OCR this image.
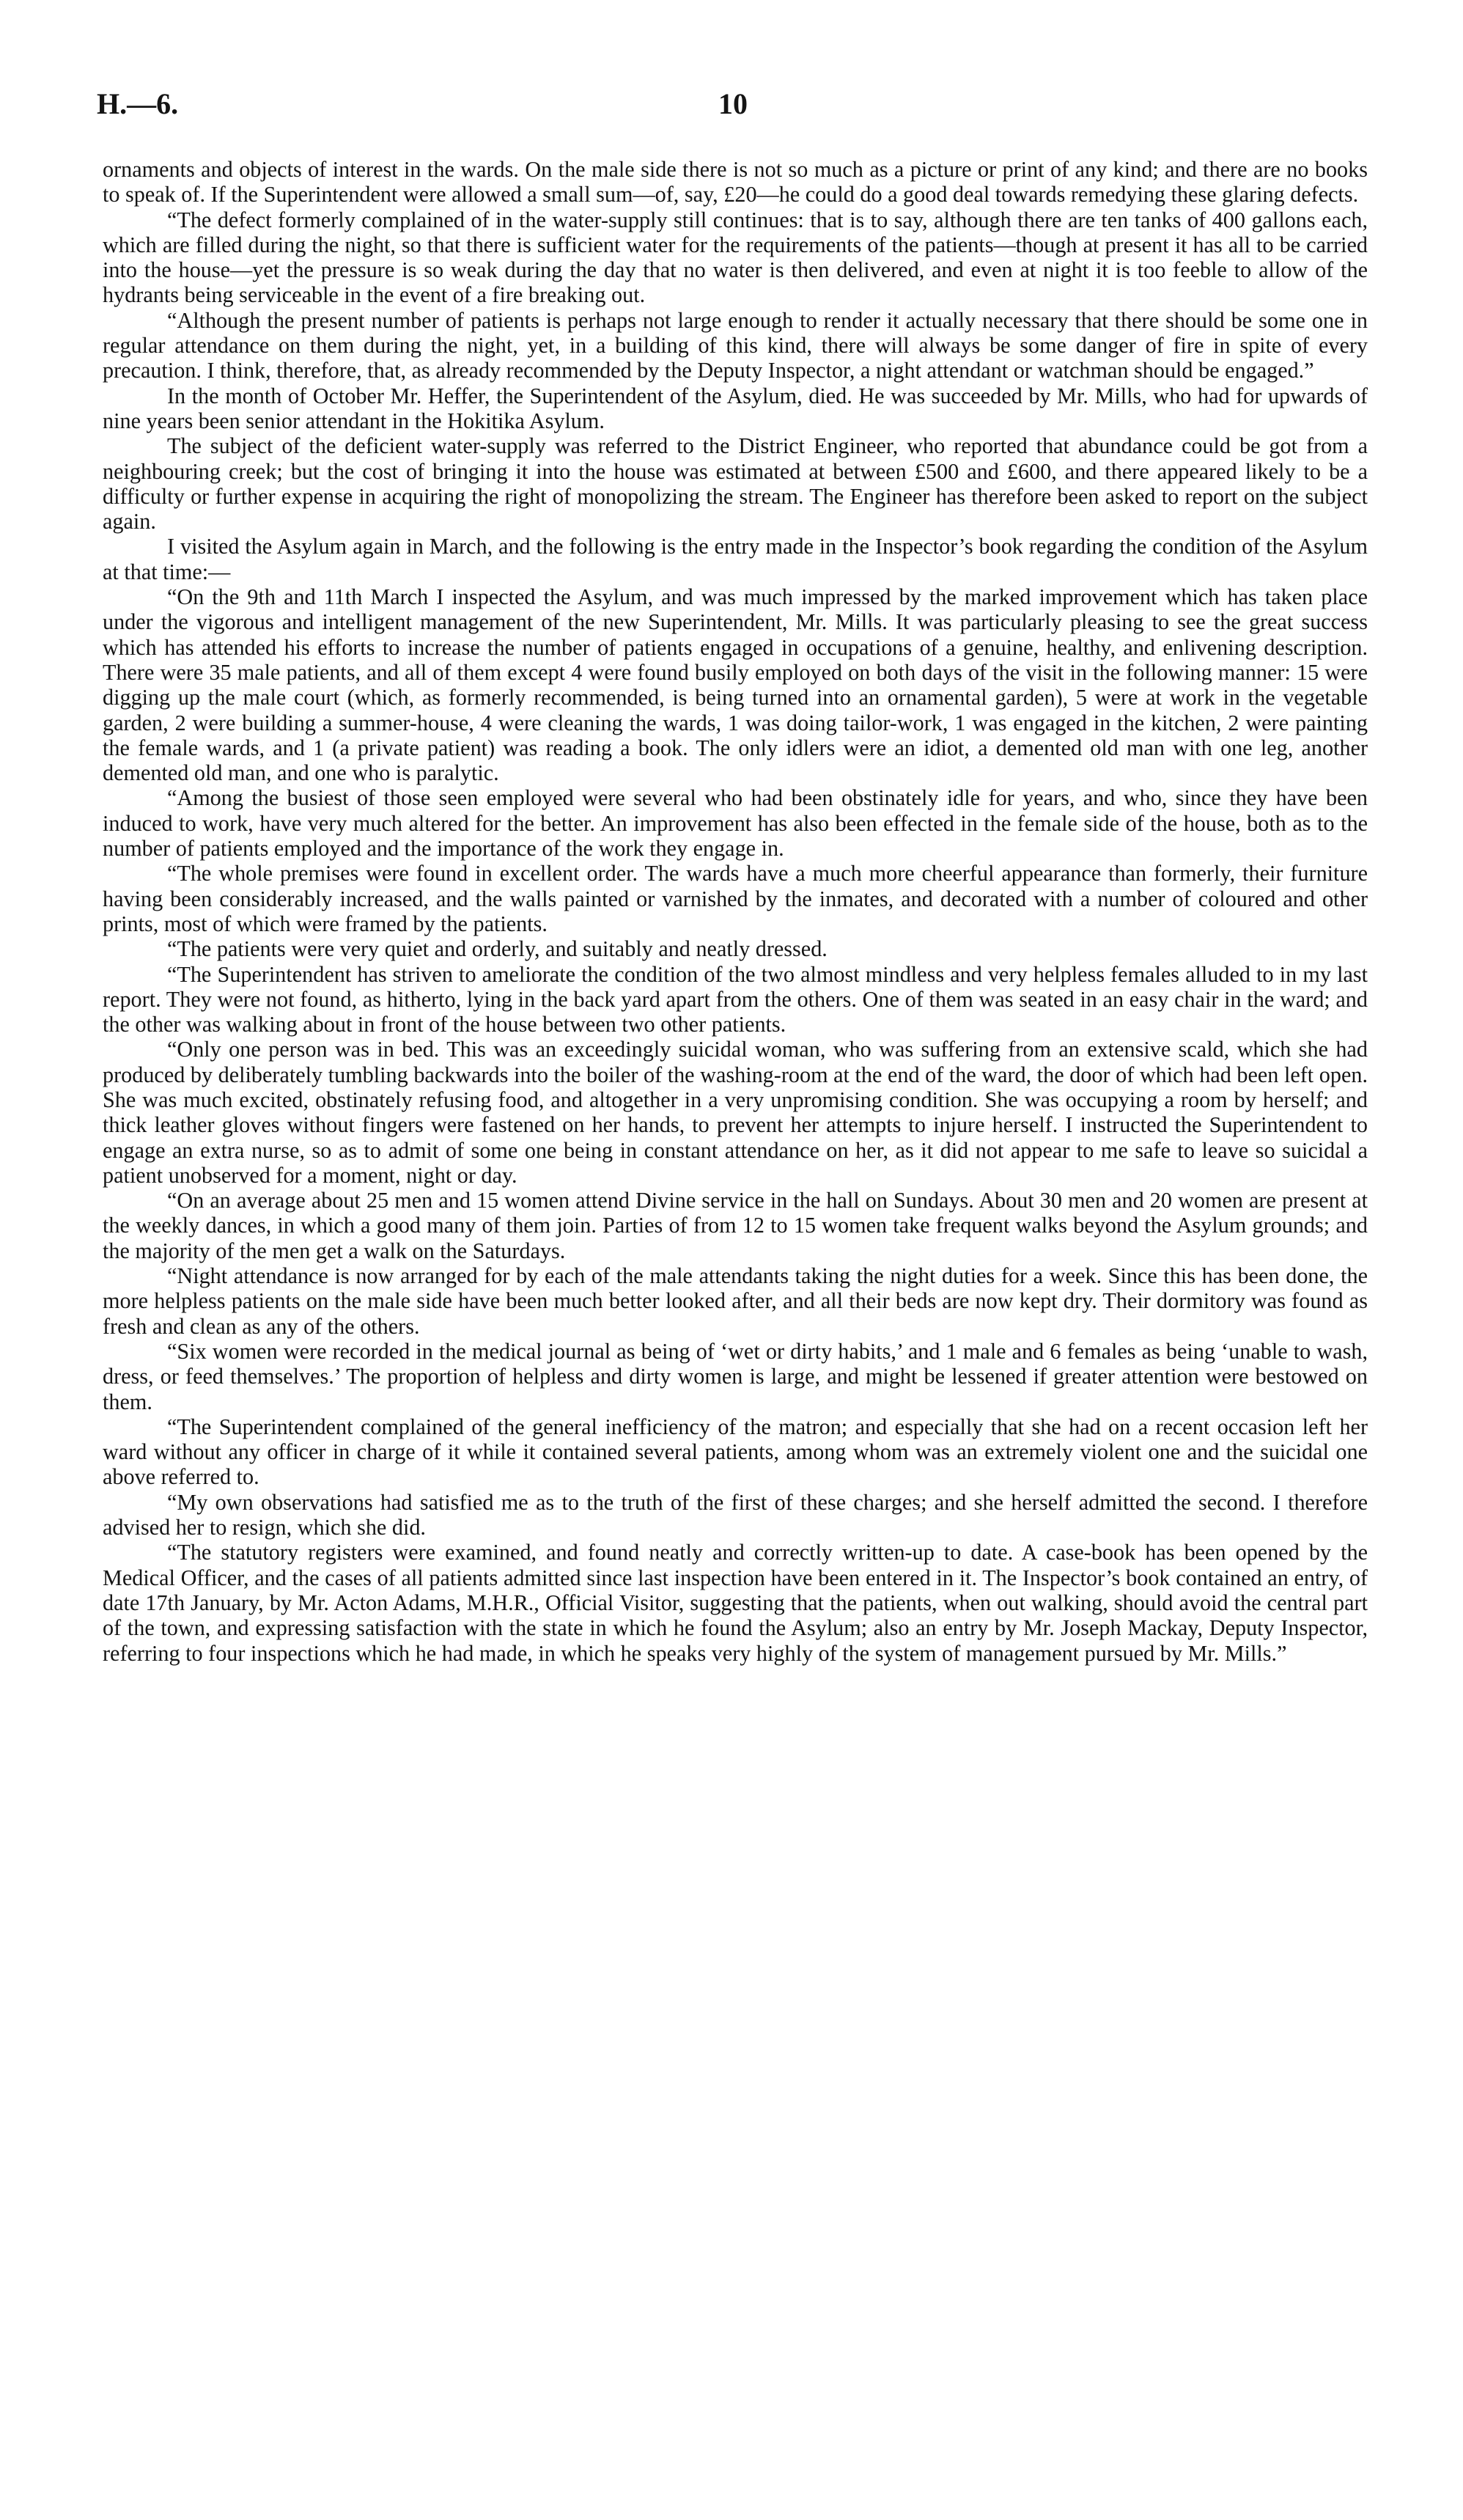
H.—6.	10

ornaments and objects of interest in the wards. On the male side there is not so much as a picture or print of any kind; and there are no books to speak of. If the Superintendent were allowed a small sum—of, say, £20—he could do a good deal towards remedying these glaring defects.

“The defect formerly complained of in the water-supply still continues: that is to say, although there are ten tanks of 400 gallons each, which are filled during the night, so that there is sufficient water for the requirements of the patients—though at present it has all to be carried into the house—yet the pressure is so weak during the day that no water is then delivered, and even at night it is too feeble to allow of the hydrants being serviceable in the event of a fire breaking out.

“Although the present number of patients is perhaps not large enough to render it actually necessary that there should be some one in regular attendance on them during the night, yet, in a building of this kind, there will always be some danger of fire in spite of every precaution. I think, therefore, that, as already recommended by the Deputy Inspector, a night attendant or watchman should be engaged.”

In the month of October Mr. Heffer, the Superintendent of the Asylum, died. He was succeeded by Mr. Mills, who had for upwards of nine years been senior attendant in the Hokitika Asylum.

The subject of the deficient water-supply was referred to the District Engineer, who reported that abundance could be got from a neighbouring creek; but the cost of bringing it into the house was estimated at between £500 and £600, and there appeared likely to be a difficulty or further expense in acquiring the right of monopolizing the stream. The Engineer has therefore been asked to report on the subject again.

I visited the Asylum again in March, and the following is the entry made in the Inspector’s book regarding the condition of the Asylum at that time:—

“On the 9th and 11th March I inspected the Asylum, and was much impressed by the marked improvement which has taken place under the vigorous and intelligent management of the new Superintendent, Mr. Mills. It was particularly pleasing to see the great success which has attended his efforts to increase the number of patients engaged in occupations of a genuine, healthy, and enlivening description. There were 35 male patients, and all of them except 4 were found busily employed on both days of the visit in the following manner: 15 were digging up the male court (which, as formerly recommended, is being turned into an ornamental garden), 5 were at work in the vegetable garden, 2 were building a summer-house, 4 were cleaning the wards, 1 was doing tailor-work, 1 was engaged in the kitchen, 2 were painting the female wards, and 1 (a private patient) was reading a book. The only idlers were an idiot, a demented old man with one leg, another demented old man, and one who is paralytic.

“Among the busiest of those seen employed were several who had been obstinately idle for years, and who, since they have been induced to work, have very much altered for the better. An improvement has also been effected in the female side of the house, both as to the number of patients employed and the importance of the work they engage in.

“The whole premises were found in excellent order. The wards have a much more cheerful appearance than formerly, their furniture having been considerably increased, and the walls painted or varnished by the inmates, and decorated with a number of coloured and other prints, most of which were framed by the patients.

“The patients were very quiet and orderly, and suitably and neatly dressed.

“The Superintendent has striven to ameliorate the condition of the two almost mindless and very helpless females alluded to in my last report. They were not found, as hitherto, lying in the back yard apart from the others. One of them was seated in an easy chair in the ward; and the other was walking about in front of the house between two other patients.

“Only one person was in bed. This was an exceedingly suicidal woman, who was suffering from an extensive scald, which she had produced by deliberately tumbling backwards into the boiler of the washing-room at the end of the ward, the door of which had been left open. She was much excited, obstinately refusing food, and altogether in a very unpromising condition. She was occupying a room by herself; and thick leather gloves without fingers were fastened on her hands, to prevent her attempts to injure herself. I instructed the Superintendent to engage an extra nurse, so as to admit of some one being in constant attendance on her, as it did not appear to me safe to leave so suicidal a patient unobserved for a moment, night or day.

“On an average about 25 men and 15 women attend Divine service in the hall on Sundays. About 30 men and 20 women are present at the weekly dances, in which a good many of them join. Parties of from 12 to 15 women take frequent walks beyond the Asylum grounds; and the majority of the men get a walk on the Saturdays.

“Night attendance is now arranged for by each of the male attendants taking the night duties for a week. Since this has been done, the more helpless patients on the male side have been much better looked after, and all their beds are now kept dry. Their dormitory was found as fresh and clean as any of the others.

“Six women were recorded in the medical journal as being of ‘wet or dirty habits,’ and 1 male and 6 females as being ‘unable to wash, dress, or feed themselves.’ The proportion of helpless and dirty women is large, and might be lessened if greater attention were bestowed on them.

“The Superintendent complained of the general inefficiency of the matron; and especially that she had on a recent occasion left her ward without any officer in charge of it while it contained several patients, among whom was an extremely violent one and the suicidal one above referred to.

“My own observations had satisfied me as to the truth of the first of these charges; and she herself admitted the second. I therefore advised her to resign, which she did.

“The statutory registers were examined, and found neatly and correctly written-up to date. A case-book has been opened by the Medical Officer, and the cases of all patients admitted since last inspection have been entered in it. The Inspector’s book contained an entry, of date 17th January, by Mr. Acton Adams, M.H.R., Official Visitor, suggesting that the patients, when out walking, should avoid the central part of the town, and expressing satisfaction with the state in which he found the Asylum; also an entry by Mr. Joseph Mackay, Deputy Inspector, referring to four inspections which he had made, in which he speaks very highly of the system of management pursued by Mr. Mills.”
